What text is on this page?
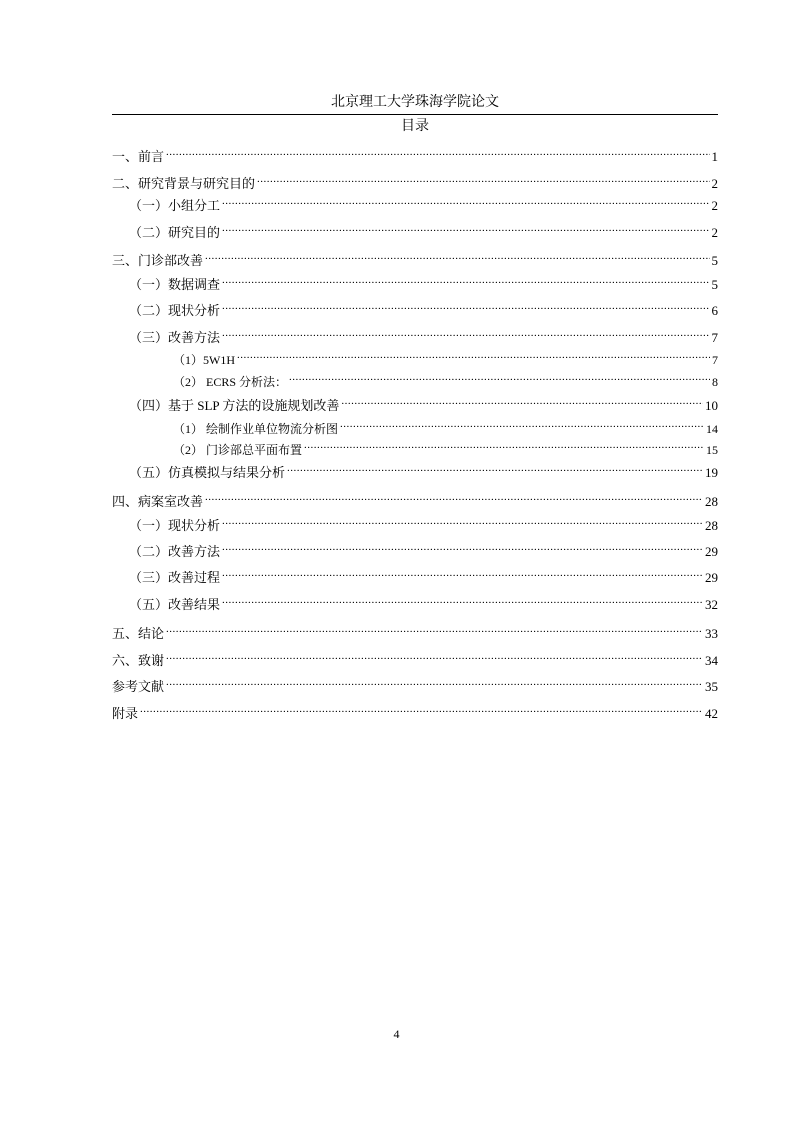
北京理工大学珠海学院论文
目录
一、前言 .....	1
二、研究背景与研究目的 .....	2
（一）小组分工 .....	2
（二）研究目的 .....	2
三、门诊部改善 .....	5
（一）数据调查 .....	5
（二）现状分析 .....	6
（三）改善方法 .....	7
（1）5W1H .....	7
（2） ECRS 分析法： .....	8
（四）基于 SLP 方法的设施规划改善 .....	10
（1） 绘制作业单位物流分析图 .....	14
（2） 门诊部总平面布置 .....	15
（五）仿真模拟与结果分析 .....	19
四、病案室改善 .....	28
（一）现状分析 .....	28
（二）改善方法 .....	29
（三）改善过程 .....	29
（五）改善结果 .....	32
五、结论 .....	33
六、致谢 .....	34
参考文献 .....	35
附录 .....	42
4
